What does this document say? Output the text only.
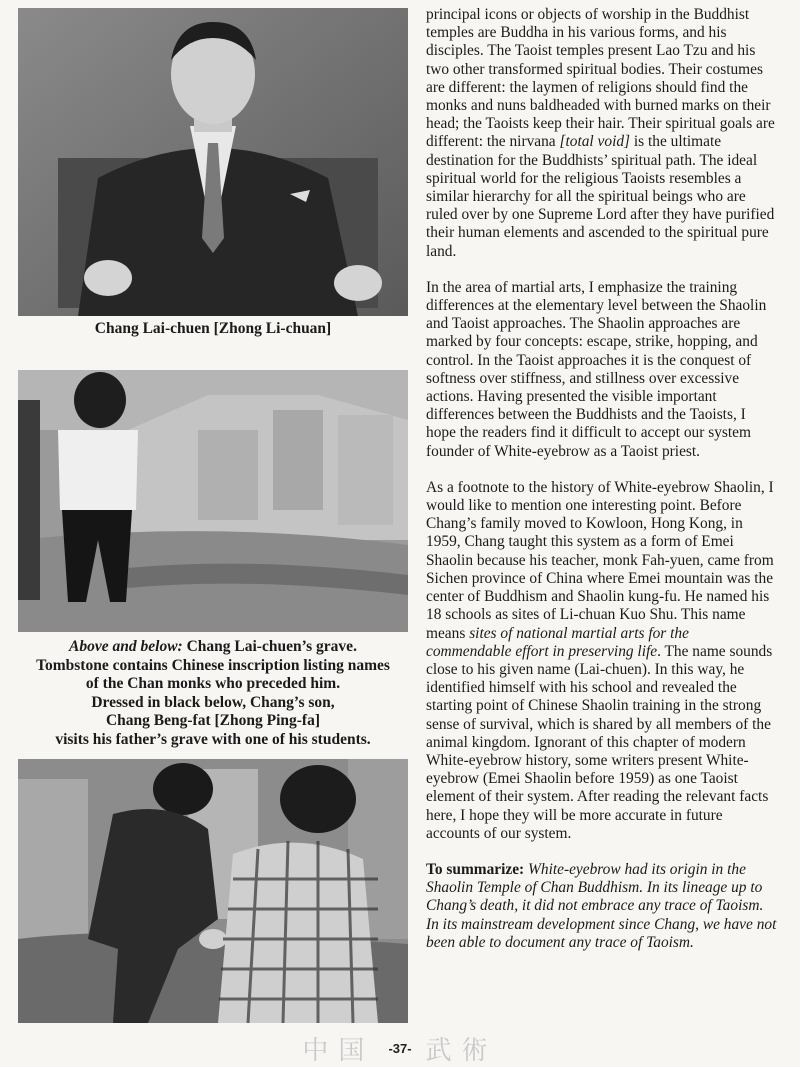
Chang Lai-chuen [Zhong Li-chuan]
Above and below: Chang Lai-chuen’s grave.
Tombstone contains Chinese inscription listing names
of the Chan monks who preceded him.
Dressed in black below, Chang’s son,
Chang Beng-fat [Zhong Ping-fa]
visits his father’s grave with one of his students.

principal icons or objects of worship in the Buddhist temples are Buddha in his various forms, and his disciples. The Taoist temples present Lao Tzu and his two other transformed spiritual bodies. Their costumes are different: the laymen of religions should find the monks and nuns baldheaded with burned marks on their head; the Taoists keep their hair. Their spiritual goals are different: the nirvana [total void] is the ultimate destination for the Buddhists’ spiritual path. The ideal spiritual world for the religious Taoists resembles a similar hierarchy for all the spiritual beings who are ruled over by one Supreme Lord after they have purified their human elements and ascended to the spiritual pure land.

In the area of martial arts, I emphasize the training differences at the elementary level between the Shaolin and Taoist approaches. The Shaolin approaches are marked by four concepts: escape, strike, hopping, and control. In the Taoist approaches it is the conquest of softness over stiffness, and stillness over excessive actions. Having presented the visible important differences between the Buddhists and the Taoists, I hope the readers find it difficult to accept our system founder of White-eyebrow as a Taoist priest.

As a footnote to the history of White-eyebrow Shaolin, I would like to mention one interesting point. Before Chang’s family moved to Kowloon, Hong Kong, in 1959, Chang taught this system as a form of Emei Shaolin because his teacher, monk Fah-yuen, came from Sichen province of China where Emei mountain was the center of Buddhism and Shaolin kung-fu. He named his 18 schools as sites of Li-chuan Kuo Shu. This name means sites of national martial arts for the commendable effort in preserving life. The name sounds close to his given name (Lai-chuen). In this way, he identified himself with his school and revealed the starting point of Chinese Shaolin training in the strong sense of survival, which is shared by all members of the animal kingdom. Ignorant of this chapter of modern White-eyebrow history, some writers present White-eyebrow (Emei Shaolin before 1959) as one Taoist element of their system. After reading the relevant facts here, I hope they will be more accurate in future accounts of our system.

To summarize: White-eyebrow had its origin in the Shaolin Temple of Chan Buddhism. In its lineage up to Chang’s death, it did not embrace any trace of Taoism. In its mainstream development since Chang, we have not been able to document any trace of Taoism.

中国 -37- 武術
